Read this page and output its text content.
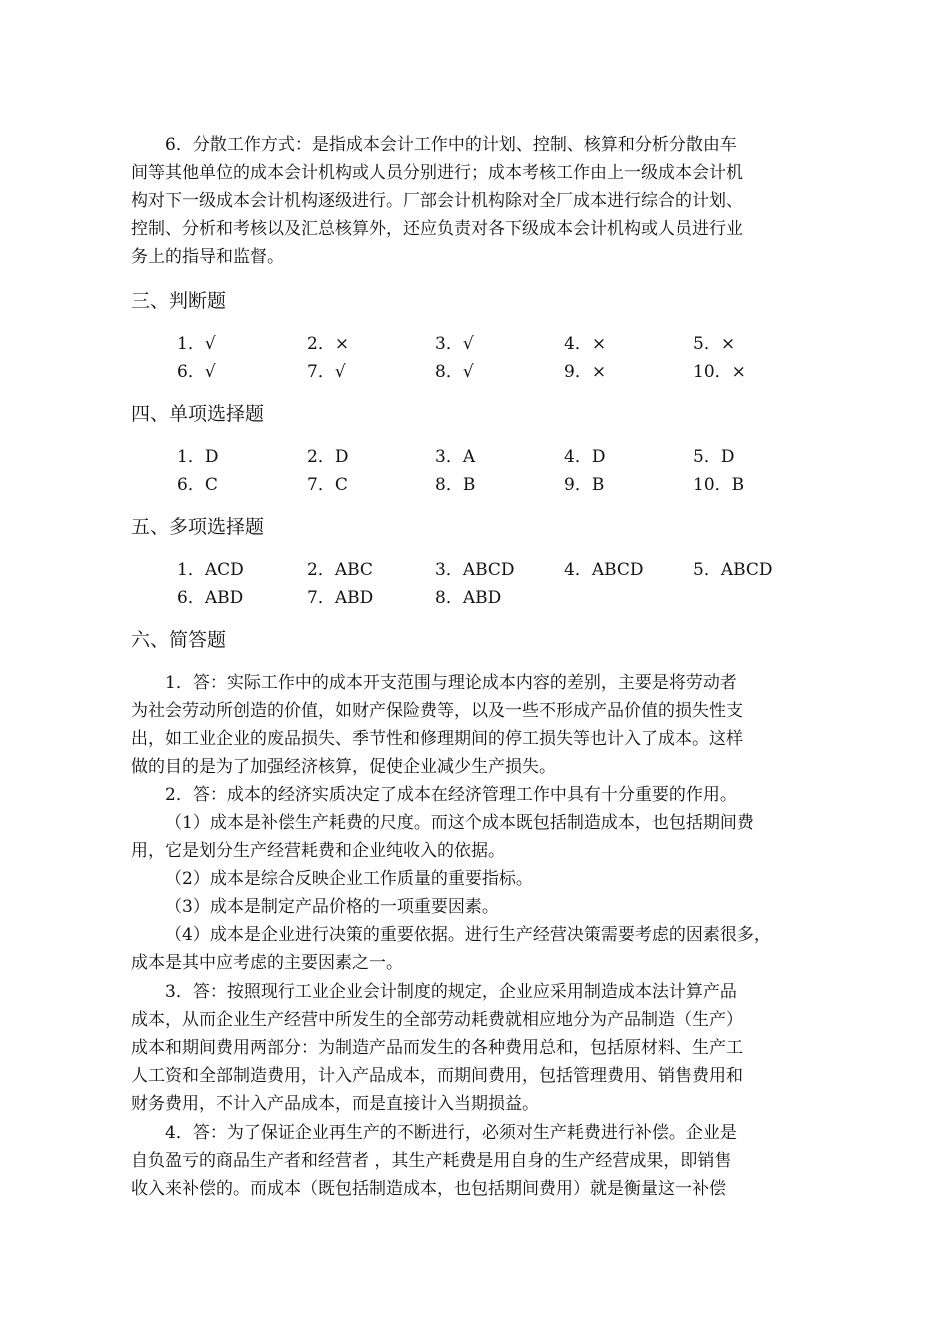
6．分散工作方式：是指成本会计工作中的计划、控制、核算和分析分散由车
间等其他单位的成本会计机构或人员分别进行；成本考核工作由上一级成本会计机
构对下一级成本会计机构逐级进行。厂部会计机构除对全厂成本进行综合的计划、
控制、分析和考核以及汇总核算外，还应负责对各下级成本会计机构或人员进行业
务上的指导和监督。
三、判断题
1．√	2．×	3．√	4．×	5．×
6．√	7．√	8．√	9．×	10．×
四、单项选择题
1．D	2．D	3．A	4．D	5．D
6．C	7．C	8．B	9．B	10．B
五、多项选择题
1．ACD	2．ABC	3．ABCD	4．ABCD	5．ABCD
6．ABD	7．ABD	8．ABD
六、简答题
1．答：实际工作中的成本开支范围与理论成本内容的差别，主要是将劳动者
为社会劳动所创造的价值，如财产保险费等，以及一些不形成产品价值的损失性支
出，如工业企业的废品损失、季节性和修理期间的停工损失等也计入了成本。这样
做的目的是为了加强经济核算，促使企业减少生产损失。
2．答：成本的经济实质决定了成本在经济管理工作中具有十分重要的作用。
（1）成本是补偿生产耗费的尺度。而这个成本既包括制造成本，也包括期间费
用，它是划分生产经营耗费和企业纯收入的依据。
（2）成本是综合反映企业工作质量的重要指标。
（3）成本是制定产品价格的一项重要因素。
（4）成本是企业进行决策的重要依据。进行生产经营决策需要考虑的因素很多，
成本是其中应考虑的主要因素之一。
3．答：按照现行工业企业会计制度的规定，企业应采用制造成本法计算产品
成本，从而企业生产经营中所发生的全部劳动耗费就相应地分为产品制造（生产）
成本和期间费用两部分：为制造产品而发生的各种费用总和，包括原材料、生产工
人工资和全部制造费用，计入产品成本，而期间费用，包括管理费用、销售费用和
财务费用，不计入产品成本，而是直接计入当期损益。
4．答：为了保证企业再生产的不断进行，必须对生产耗费进行补偿。企业是
自负盈亏的商品生产者和经营者 ，其生产耗费是用自身的生产经营成果，即销售
收入来补偿的。而成本（既包括制造成本，也包括期间费用）就是衡量这一补偿
